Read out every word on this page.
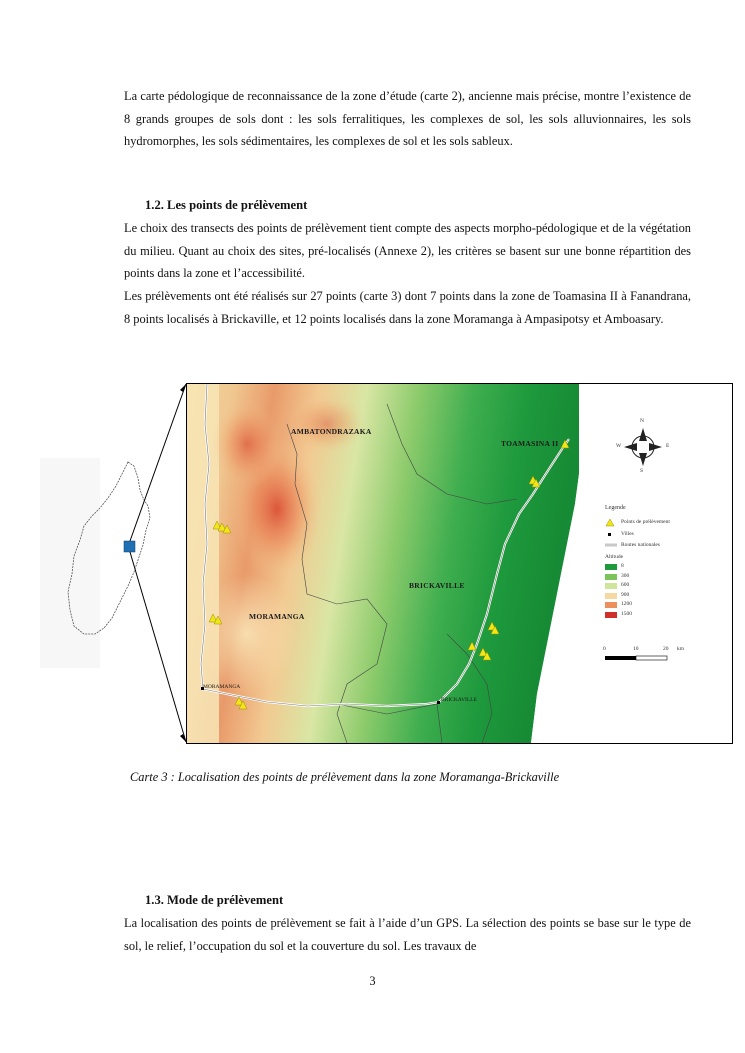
La carte pédologique de reconnaissance de la zone d’étude (carte 2), ancienne mais précise, montre l’existence de 8 grands groupes de sols dont : les sols ferralitiques, les complexes de sol, les sols alluvionnaires, les sols hydromorphes, les sols sédimentaires, les complexes de sol et les sols sableux.

1.2. Les points de prélèvement

Le choix des transects des points de prélèvement tient compte des aspects morpho-pédologique et de la végétation du milieu. Quant au choix des sites, pré-localisés (Annexe 2), les critères se basent sur une bonne répartition des points dans la zone et l’accessibilité.

Les prélèvements ont été réalisés sur 27 points (carte 3) dont 7 points dans la zone de Toamasina II à Fanandrana, 8 points localisés à Brickaville, et 12 points localisés dans la zone Moramanga à Ampasipotsy et Amboasary.

AMBATONDRAZAKA
TOAMASINA II
BRICKAVILLE
MORAMANGA
MORAMANGA
BRICKAVILLE
N
S
W	E
Legende
Points de prélèvement
Villes
Routes nationales
Altitude
8
300
600
900
1200
1500
0	10	20 km

Carte 3 : Localisation des points de prélèvement dans la zone Moramanga-Brickaville

1.3. Mode de prélèvement

La localisation des points de prélèvement se fait à l’aide d’un GPS. La sélection des points se base sur le type de sol, le relief, l’occupation du sol et la couverture du sol. Les travaux de

3
